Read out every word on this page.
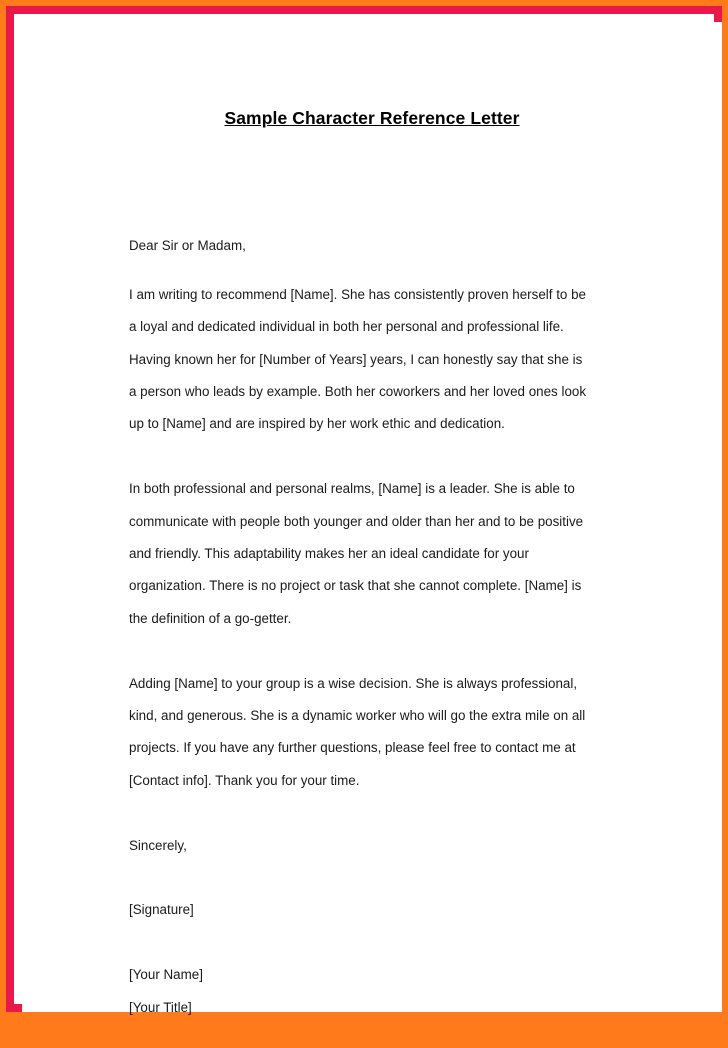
Sample Character Reference Letter

Dear Sir or Madam,

I am writing to recommend [Name]. She has consistently proven herself to be

a loyal and dedicated individual in both her personal and professional life.

Having known her for [Number of Years] years, I can honestly say that she is

a person who leads by example. Both her coworkers and her loved ones look

up to [Name] and are inspired by her work ethic and dedication.

In both professional and personal realms, [Name] is a leader. She is able to

communicate with people both younger and older than her and to be positive

and friendly. This adaptability makes her an ideal candidate for your

organization. There is no project or task that she cannot complete. [Name] is

the definition of a go-getter.

Adding [Name] to your group is a wise decision. She is always professional,

kind, and generous. She is a dynamic worker who will go the extra mile on all

projects. If you have any further questions, please feel free to contact me at

[Contact info]. Thank you for your time.

Sincerely,

[Signature]

[Your Name]

[Your Title]
